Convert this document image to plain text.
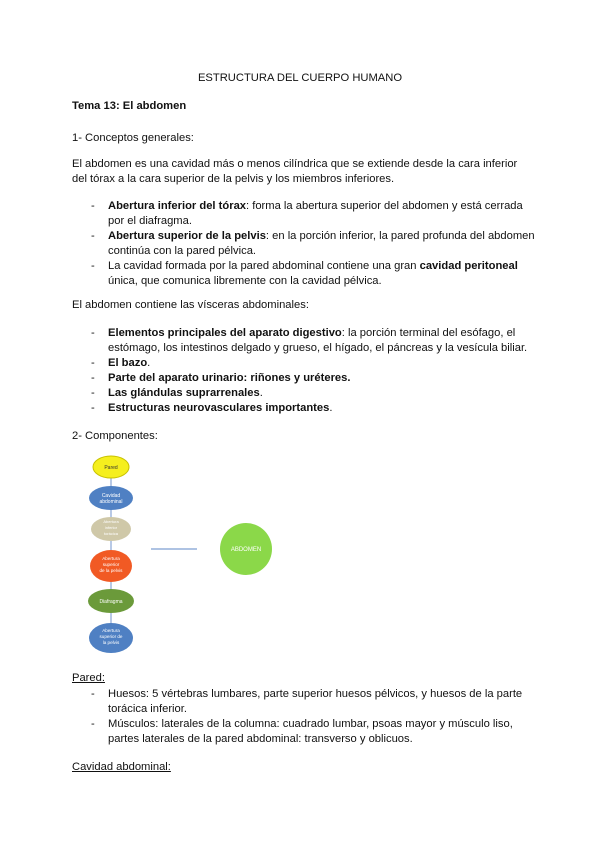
ESTRUCTURA DEL CUERPO HUMANO
Tema 13: El abdomen
1- Conceptos generales:
El abdomen es una cavidad más o menos cilíndrica que se extiende desde la cara inferior
del tórax a la cara superior de la pelvis y los miembros inferiores.
- Abertura inferior del tórax: forma la abertura superior del abdomen y está cerrada por el diafragma.
- Abertura superior de la pelvis: en la porción inferior, la pared profunda del abdomen continúa con la pared pélvica.
- La cavidad formada por la pared abdominal contiene una gran cavidad peritoneal única, que comunica libremente con la cavidad pélvica.
El abdomen contiene las vísceras abdominales:
- Elementos principales del aparato digestivo: la porción terminal del esófago, el estómago, los intestinos delgado y grueso, el hígado, el páncreas y la vesícula biliar.
- El bazo.
- Parte del aparato urinario: riñones y uréteres.
- Las glándulas suprarrenales.
- Estructuras neurovasculares importantes.
2- Componentes:
Pared
Cavidad
abdominal
Abertura
inferior
torácica
Abertura
superior
de la pelvis
Diafragma
Abertura
superior de
la pelvis
ABDOMEN
Pared:
- Huesos: 5 vértebras lumbares, parte superior huesos pélvicos, y huesos de la parte torácica inferior.
- Músculos: laterales de la columna: cuadrado lumbar, psoas mayor y músculo liso, partes laterales de la pared abdominal: transverso y oblicuos.
Cavidad abdominal:
